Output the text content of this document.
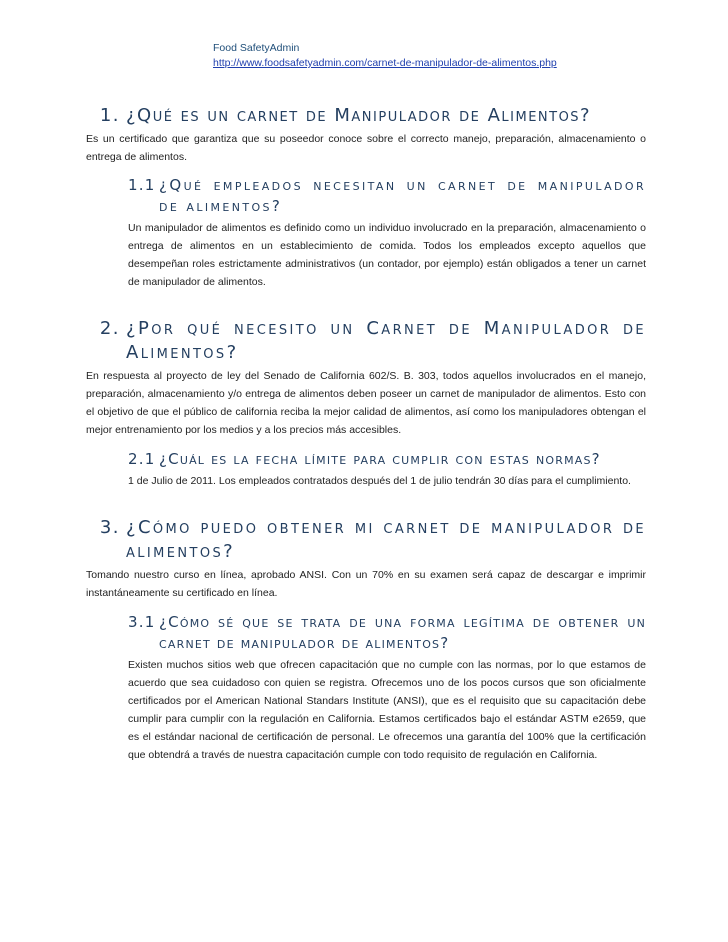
Food SafetyAdmin
http://www.foodsafetyadmin.com/carnet-de-manipulador-de-alimentos.php
1. ¿Qué es un carnet de Manipulador de Alimentos?

Es un certificado que garantiza que su poseedor conoce sobre el correcto manejo, preparación, almacenamiento o entrega de alimentos.

1.1 ¿Qué empleados necesitan un carnet de manipulador de alimentos?

Un manipulador de alimentos es definido como un individuo involucrado en la preparación, almacenamiento o entrega de alimentos en un establecimiento de comida. Todos los empleados excepto aquellos que desempeñan roles estrictamente administrativos (un contador, por ejemplo) están obligados a tener un carnet de manipulador de alimentos.

2. ¿Por qué necesito un Carnet de Manipulador de Alimentos?

En respuesta al proyecto de ley del Senado de California 602/S. B. 303, todos aquellos involucrados en el manejo, preparación, almacenamiento y/o entrega de alimentos deben poseer un carnet de manipulador de alimentos. Esto con el objetivo de que el público de california reciba la mejor calidad de alimentos, así como los manipuladores obtengan el mejor entrenamiento por los medios y a los precios más accesibles.

2.1 ¿Cuál es la fecha límite para cumplir con estas normas?

1 de Julio de 2011. Los empleados contratados después del 1 de julio tendrán 30 días para el cumplimiento.

3. ¿Cómo puedo obtener mi carnet de manipulador de alimentos?

Tomando nuestro curso en línea, aprobado ANSI. Con un 70% en su examen será capaz de descargar e imprimir instantáneamente su certificado en línea.

3.1 ¿Cómo sé que se trata de una forma legítima de obtener un carnet de manipulador de alimentos?

Existen muchos sitios web que ofrecen capacitación que no cumple con las normas, por lo que estamos de acuerdo que sea cuidadoso con quien se registra. Ofrecemos uno de los pocos cursos que son oficialmente certificados por el American National Standars Institute (ANSI), que es el requisito que su capacitación debe cumplir para cumplir con la regulación en California. Estamos certificados bajo el estándar ASTM e2659, que es el estándar nacional de certificación de personal. Le ofrecemos una garantía del 100% que la certificación que obtendrá a través de nuestra capacitación cumple con todo requisito de regulación en California.
